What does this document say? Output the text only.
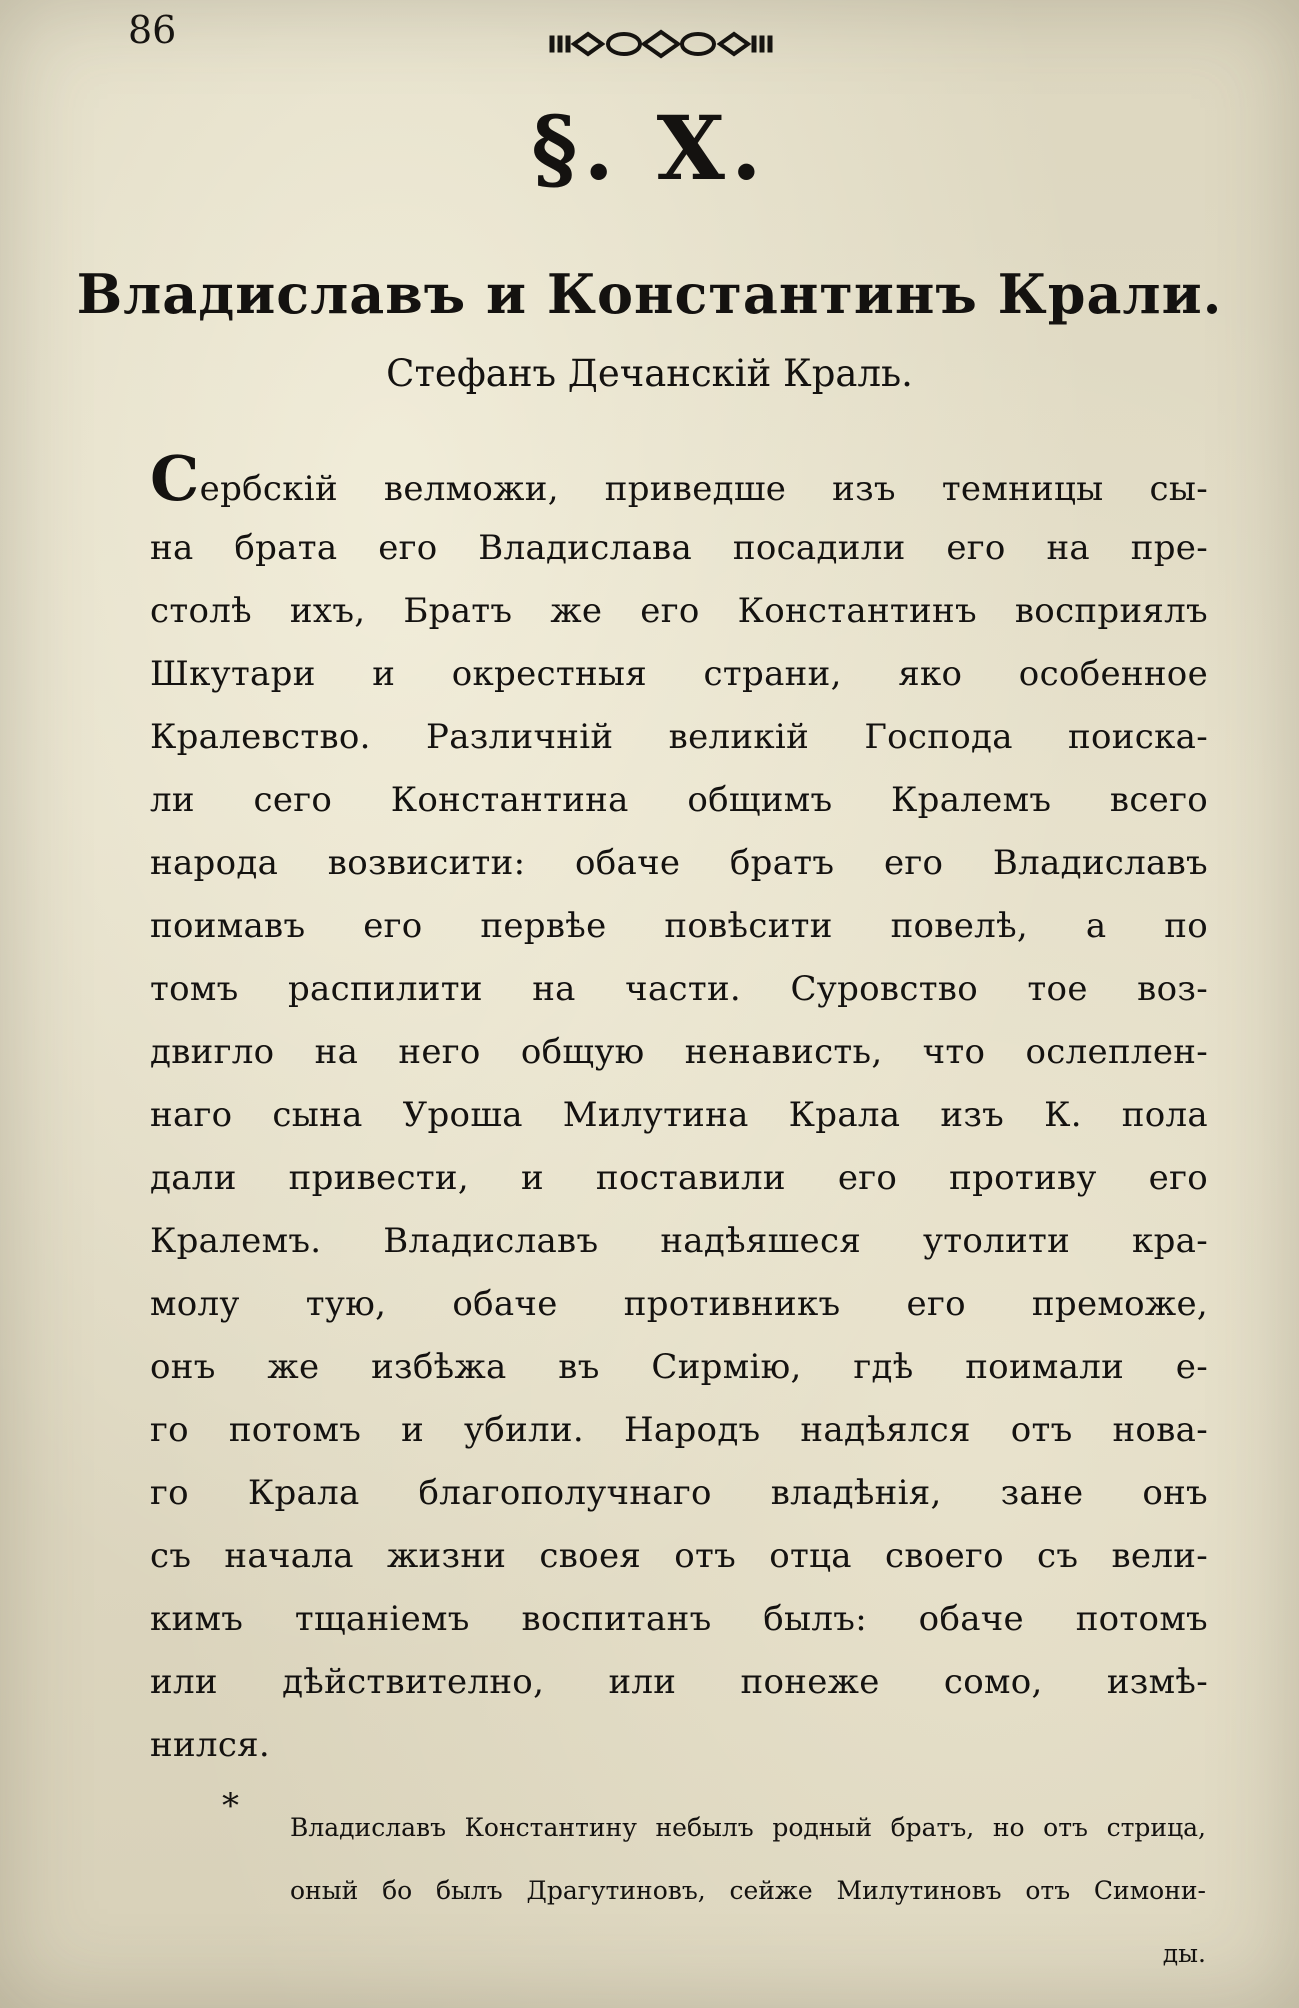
86
§. X.
Владиславъ и Константинъ Крали.
Стефанъ Дечанскій Краль.
Сербскій велможи, приведше изъ темницы сы-
на брата его Владислава посадили его на пре-
столѣ ихъ, Братъ же его Константинъ восприялъ
Шкутари и окрестныя страни, яко особенное
Кралевство. Различній великій Господа поиска-
ли сего Константина общимъ Кралемъ всего
народа возвисити: обаче братъ его Владиславъ
поимавъ его первѣе повѣсити повелѣ, а по
томъ распилити на части. Суровство тое воз-
двигло на него общую ненависть, что ослеплен-
наго сына Уроша Милутина Крала изъ К. пола
дали привести, и поставили его противу его
Кралемъ. Владиславъ надѣяшеся утолити кра-
молу тую, обаче противникъ его преможе,
онъ же избѣжа въ Сирмію, гдѣ поимали е-
го потомъ и убили. Народъ надѣялся отъ нова-
го Крала благополучнаго владѣнія, зане онъ
съ начала жизни своея отъ отца своего съ вели-
кимъ тщаніемъ воспитанъ былъ: обаче потомъ
или дѣйствително, или понеже сомо, измѣ-
нился.
*
Владиславъ Константину небылъ родный братъ, но отъ стрица,
оный бо былъ Драгутиновъ, сейже Милутиновъ отъ Симони-
ды.
